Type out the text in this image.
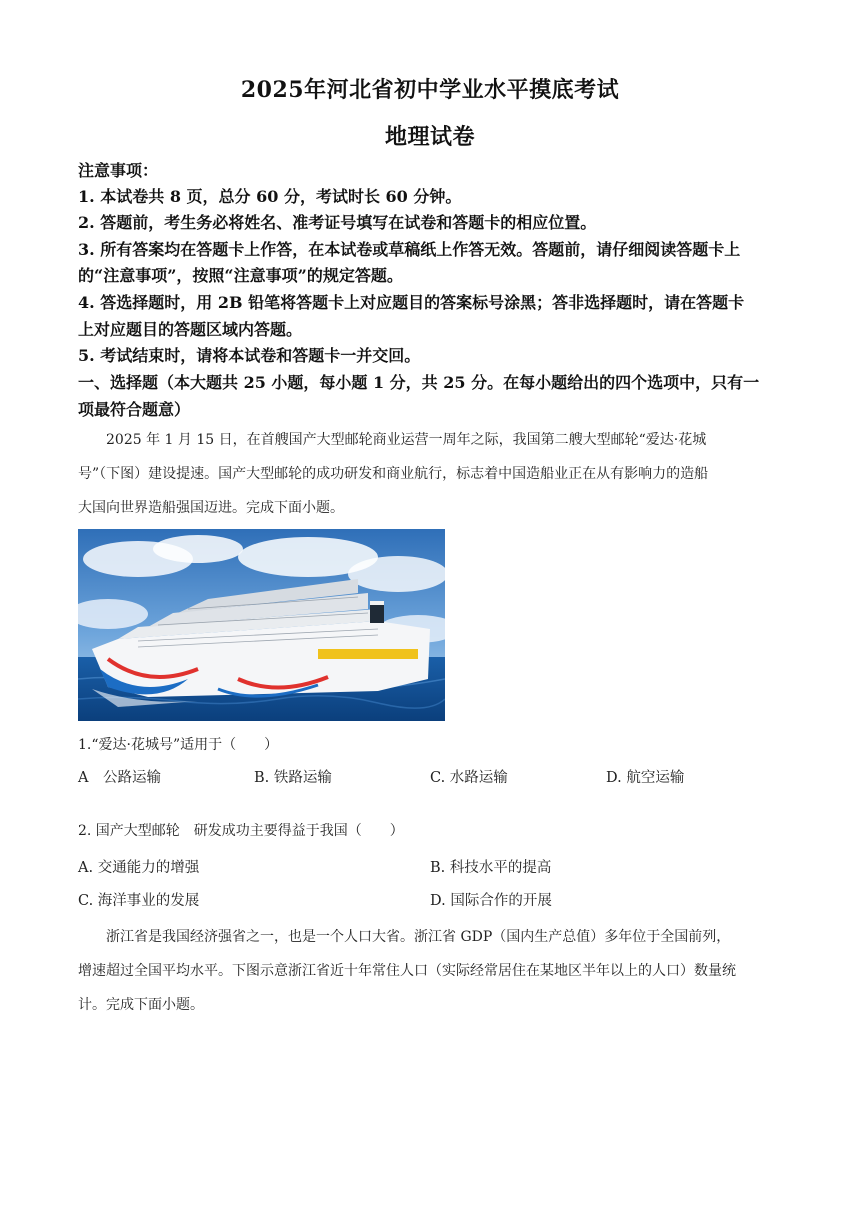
2025年河北省初中学业水平摸底考试
地理试卷
注意事项：
1. 本试卷共 8 页，总分 60 分，考试时长 60 分钟。
2. 答题前，考生务必将姓名、准考证号填写在试卷和答题卡的相应位置。
3. 所有答案均在答题卡上作答，在本试卷或草稿纸上作答无效。答题前，请仔细阅读答题卡上
的“注意事项”，按照“注意事项”的规定答题。
4. 答选择题时，用 2B 铅笔将答题卡上对应题目的答案标号涂黑；答非选择题时，请在答题卡
上对应题目的答题区域内答题。
5. 考试结束时，请将本试卷和答题卡一并交回。
一、选择题（本大题共 25 小题，每小题 1 分，共 25 分。在每小题给出的四个选项中，只有一
项最符合题意）
2025 年 1 月 15 日，在首艘国产大型邮轮商业运营一周年之际，我国第二艘大型邮轮“爱达·花城
号”（下图）建设提速。国产大型邮轮的成功研发和商业航行，标志着中国造船业正在从有影响力的造船
大国向世界造船强国迈进。完成下面小题。
1.“爱达·花城号”适用于（　　）
A　公路运输	B. 铁路运输	C. 水路运输	D. 航空运输
2. 国产大型邮轮　研发成功主要得益于我国（　　）
A. 交通能力的增强	B. 科技水平的提高
C. 海洋事业的发展	D. 国际合作的开展
浙江省是我国经济强省之一，也是一个人口大省。浙江省 GDP（国内生产总值）多年位于全国前列，
增速超过全国平均水平。下图示意浙江省近十年常住人口（实际经常居住在某地区半年以上的人口）数量统
计。完成下面小题。
